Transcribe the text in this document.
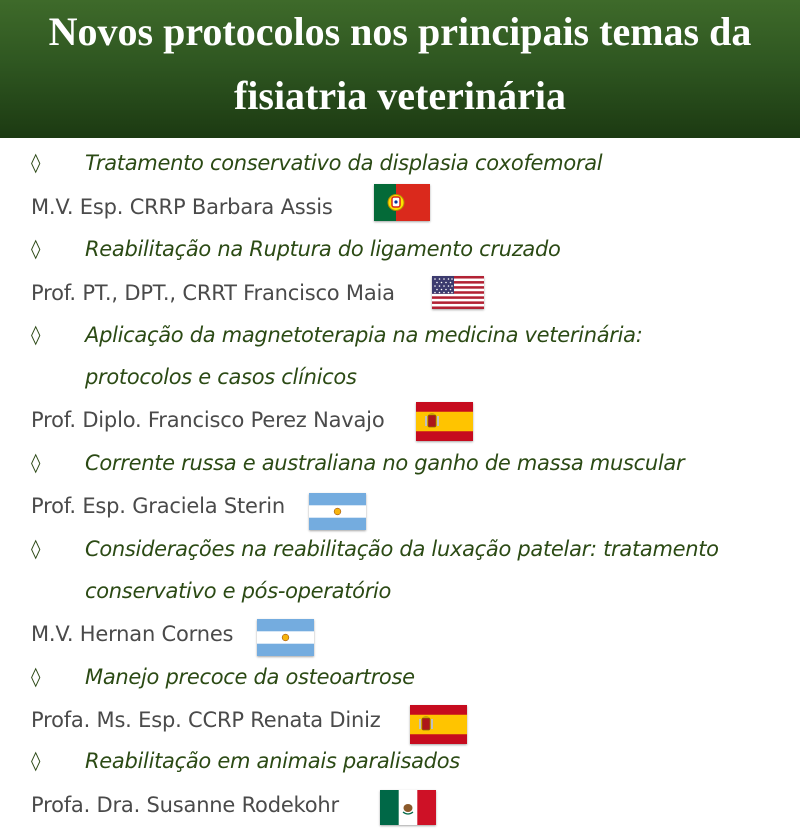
Novos protocolos nos principais temas da
fisiatria veterinária
◊ Tratamento conservativo da displasia coxofemoral
M.V. Esp. CRRP Barbara Assis
◊ Reabilitação na Ruptura do ligamento cruzado
Prof. PT., DPT., CRRT Francisco Maia
◊ Aplicação da magnetoterapia na medicina veterinária:
protocolos e casos clínicos
Prof. Diplo. Francisco Perez Navajo
◊ Corrente russa e australiana no ganho de massa muscular
Prof. Esp. Graciela Sterin
◊ Considerações na reabilitação da luxação patelar: tratamento
conservativo e pós-operatório
M.V. Hernan Cornes
◊ Manejo precoce da osteoartrose
Profa. Ms. Esp. CCRP Renata Diniz
◊ Reabilitação em animais paralisados
Profa. Dra. Susanne Rodekohr
